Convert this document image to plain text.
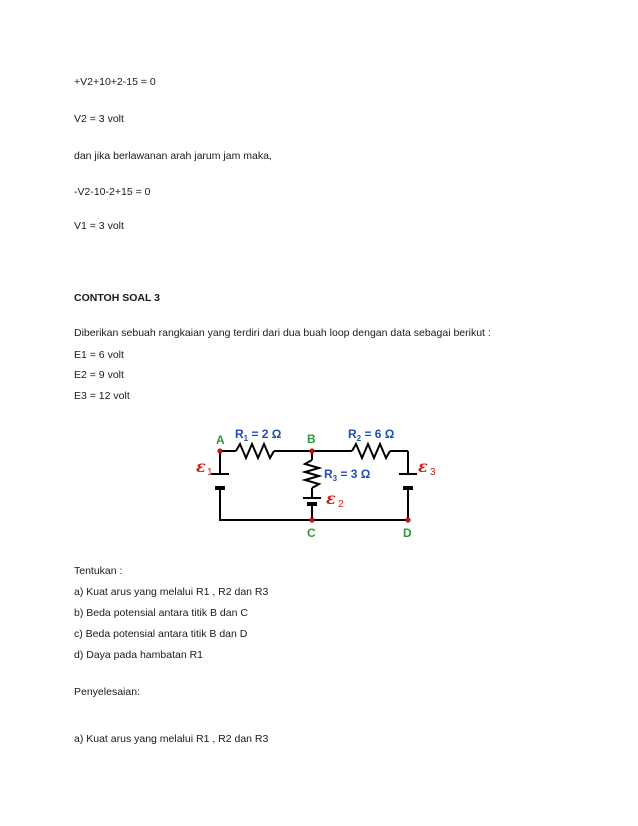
+V2+10+2-15 = 0
V2 = 3 volt
dan jika berlawanan arah jarum jam maka,
-V2-10-2+15 = 0
V1 = 3 volt
CONTOH SOAL 3
Diberikan sebuah rangkaian yang terdiri dari dua buah loop dengan data sebagai berikut :
E1 = 6 volt
E2 = 9 volt
E3 = 12 volt
A	B
C	D
$R_1 = 2$ Ω	$R_2 = 6$ Ω
$R_3 = 3$ Ω
ε 1
ε 2
ε 3
Tentukan :
a) Kuat arus yang melalui R1 , R2 dan R3
b) Beda potensial antara titik B dan C
c) Beda potensial antara titik B dan D
d) Daya pada hambatan R1
Penyelesaian:
a) Kuat arus yang melalui R1 , R2 dan R3
